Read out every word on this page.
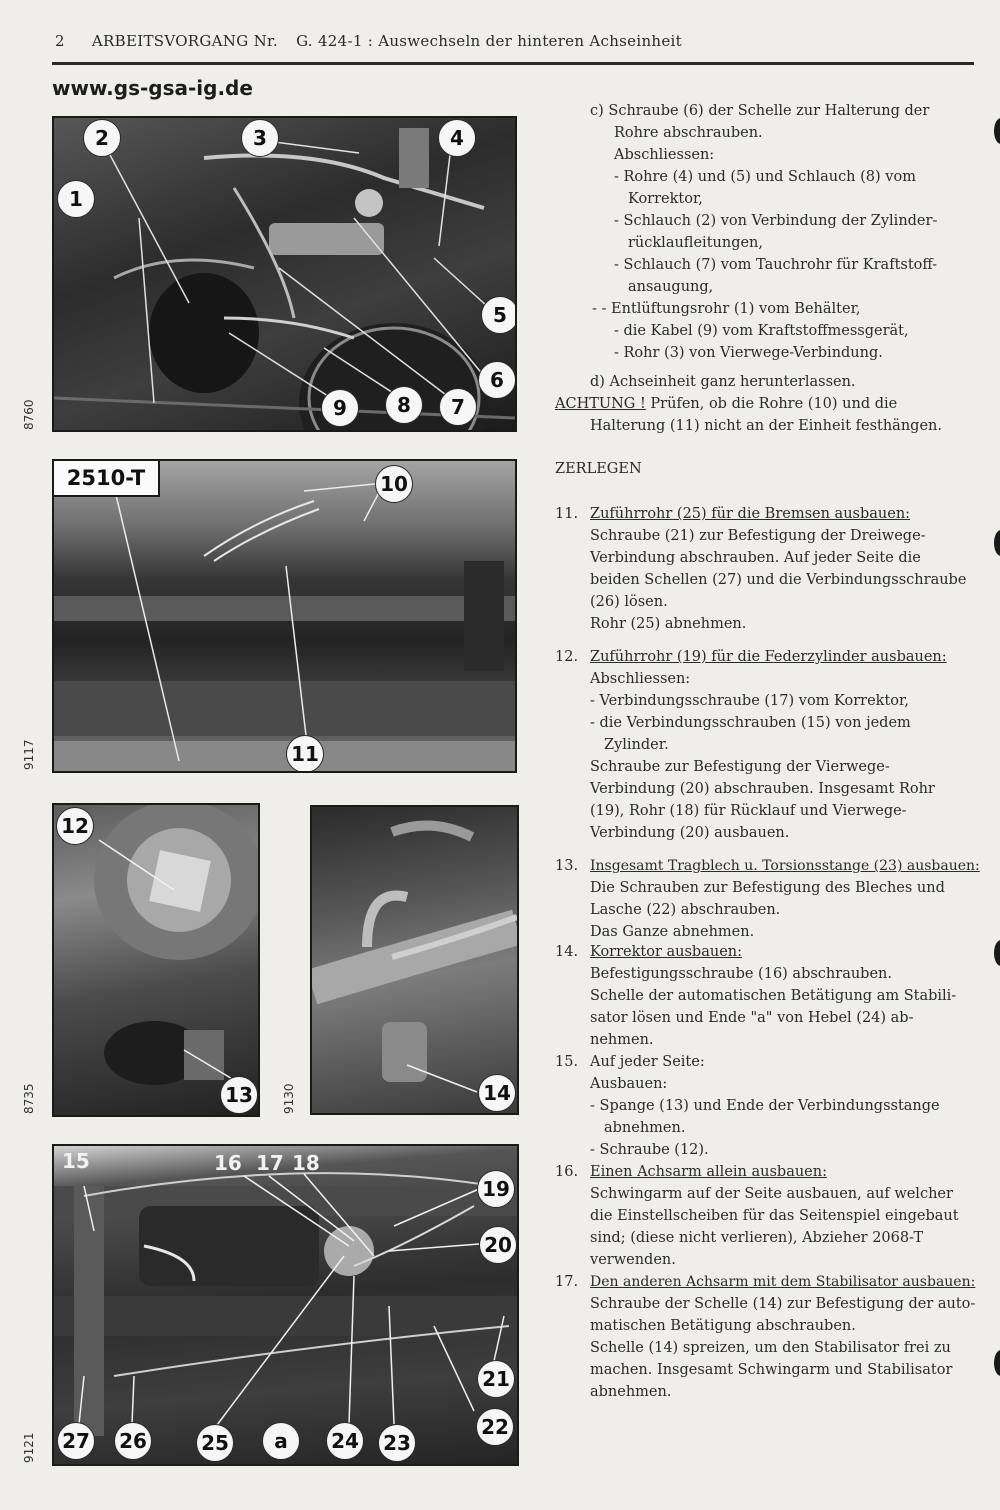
2 ARBEITSVORGANG Nr. G. 424-1 : Auswechseln der hinteren Achseinheit
www.gs-gsa-ig.de
2	3	4
1
5
6
9	8	7
8760
2510-T	10
11
9117
12
13
8735	14
9130
15	16 17 18
19
20
21
22
27 26	25	a	24 23
9121
c) Schraube (6) der Schelle zur Halterung der
Rohre abschrauben.
Abschliessen:
- Rohre (4) und (5) und Schlauch (8) vom
Korrektor,
- Schlauch (2) von Verbindung der Zylinder-
rücklaufleitungen,
- Schlauch (7) vom Tauchrohr für Kraftstoff-
ansaugung,
- - Entlüftungsrohr (1) vom Behälter,
- die Kabel (9) vom Kraftstoffmessgerät,
- Rohr (3) von Vierwege-Verbindung.
d) Achseinheit ganz herunterlassen.
ACHTUNG ! Prüfen, ob die Rohre (10) und die
Halterung (11) nicht an der Einheit festhängen.
ZERLEGEN
11. Zuführrohr (25) für die Bremsen ausbauen:
Schraube (21) zur Befestigung der Dreiwege-
Verbindung abschrauben. Auf jeder Seite die
beiden Schellen (27) und die Verbindungsschraube
(26) lösen.
Rohr (25) abnehmen.
12. Zuführrohr (19) für die Federzylinder ausbauen:
Abschliessen:
- Verbindungsschraube (17) vom Korrektor,
- die Verbindungsschrauben (15) von jedem
Zylinder.
Schraube zur Befestigung der Vierwege-
Verbindung (20) abschrauben. Insgesamt Rohr
(19), Rohr (18) für Rücklauf und Vierwege-
Verbindung (20) ausbauen.
13. Insgesamt Tragblech u. Torsionsstange (23) ausbauen:
Die Schrauben zur Befestigung des Bleches und
Lasche (22) abschrauben.
Das Ganze abnehmen.
14. Korrektor ausbauen:
Befestigungsschraube (16) abschrauben.
Schelle der automatischen Betätigung am Stabili-
sator lösen und Ende "a" von Hebel (24) ab-
nehmen.
15. Auf jeder Seite:
Ausbauen:
- Spange (13) und Ende der Verbindungsstange
abnehmen.
- Schraube (12).
16. Einen Achsarm allein ausbauen:
Schwingarm auf der Seite ausbauen, auf welcher
die Einstellscheiben für das Seitenspiel eingebaut
sind; (diese nicht verlieren), Abzieher 2068-T
verwenden.
17. Den anderen Achsarm mit dem Stabilisator ausbauen:
Schraube der Schelle (14) zur Befestigung der auto-
matischen Betätigung abschrauben.
Schelle (14) spreizen, um den Stabilisator frei zu
machen. Insgesamt Schwingarm und Stabilisator
abnehmen.
